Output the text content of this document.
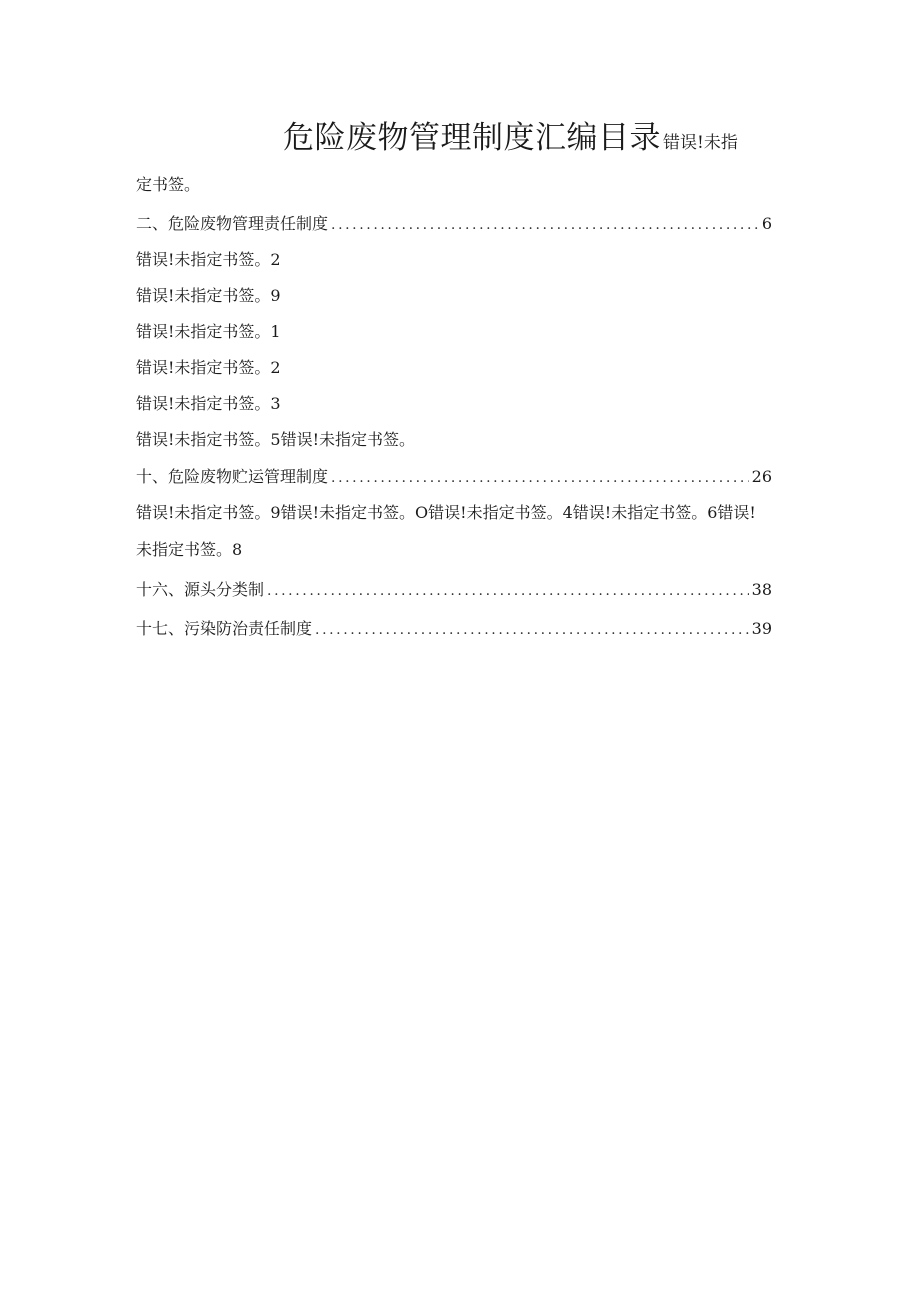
危险废物管理制度汇编目录 错误!未指
定书签。
二、危险废物管理责任制度 .....	6
错误!未指定书签。2
错误!未指定书签。9
错误!未指定书签。1
错误!未指定书签。2
错误!未指定书签。3
错误!未指定书签。5错误!未指定书签。
十、危险废物贮运管理制度 .....	26
错误!未指定书签。9错误!未指定书签。O错误!未指定书签。4错误!未指定书签。6错误!
未指定书签。8
十六、源头分类制 .....	38
十七、污染防治责任制度 .....	39
